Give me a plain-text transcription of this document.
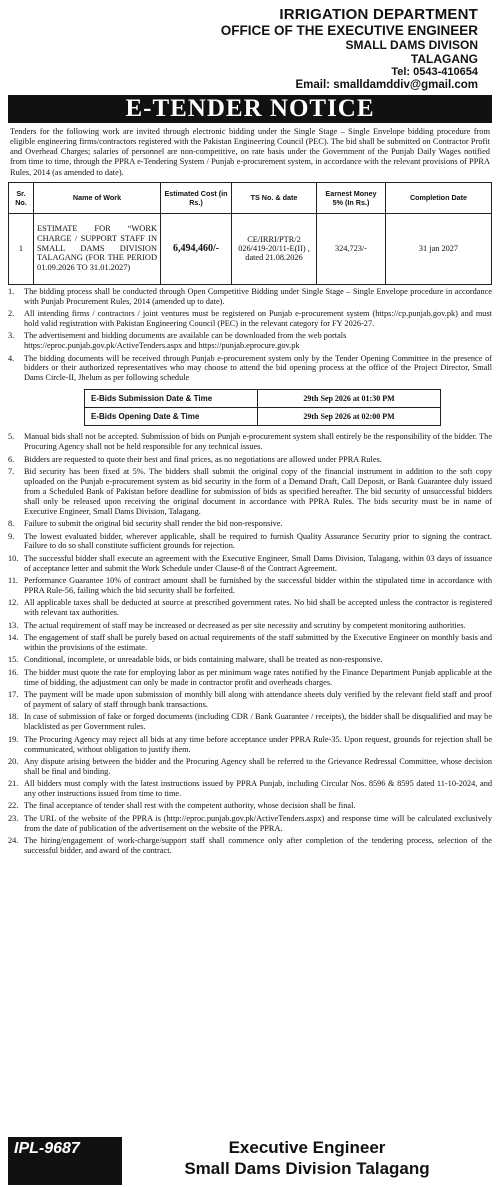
IRRIGATION DEPARTMENT
OFFICE OF THE EXECUTIVE ENGINEER
SMALL DAMS DIVISON
TALAGANG
Tel: 0543-410654
Email: smalldamddiv@gmail.com
E-TENDER NOTICE
Tenders for the following work are invited through electronic bidding under the Single Stage – Single Envelope bidding procedure from eligible engineering firms/contractors registered with the Pakistan Engineering Council (PEC). The bid shall be submitted on Contractor Profit and Overhead Charges; salaries of personnel are non-competitive, on rate basis under the Government of the Punjab Daily Wages notified from time to time, through the PPRA e-Tendering System / Punjab e-procurement system, in accordance with the relevant provisions of PPRA Rules, 2014 (as amended to date).
Sr. No.	Name of Work	Estimated Cost (in Rs.)	TS No. & date	Earnest Money 5% (In Rs.)	Completion Date
1	ESTIMATE FOR “WORK CHARGE / SUPPORT STAFF IN SMALL DAMS DIVISION TALAGANG (FOR THE PERIOD 01.09.2026 TO 31.01.2027)	6,494,460/-	CE/IRRI/PTR/2 026/419-20/11-E(II) , dated 21.08.2026	324,723/-	31 jan 2027
1.	The bidding process shall be conducted through Open Competitive Bidding under Single Stage – Single Envelope procedure in accordance with Punjab Procurement Rules, 2014 (amended up to date).
2.	All intending firms / contractors / joint ventures must be registered on Punjab e-procurement system (https://cp.punjab.gov.pk) and must hold valid registration with Pakistan Engineering Council (PEC) in the relevant category for FY 2026-27.
3.	The advertisement and bidding documents are available can be downloaded from the web portals
https://eproc.punjab.gov.pk/ActiveTenders.aspx and https://punjab.eprocure.gov.pk
4.	The bidding documents will be received through Punjab e-procurement system only by the Tender Opening Committee in the presence of bidders or their authorized representatives who may choose to attend the bid opening process at the office of the Project Director, Small Dams Circle-II, Jhelum as per following schedule
E-Bids Submission Date & Time	29th Sep 2026 at 01:30 PM
E-Bids Opening Date & Time	29th Sep 2026 at 02:00 PM
5.	Manual bids shall not be accepted. Submission of bids on Punjab e-procurement system shall entirely be the responsibility of the bidder. The Procuring Agency shall not be held responsible for any technical issues.
6.	Bidders are requested to quote their best and final prices, as no negotiations are allowed under PPRA Rules.
7.	Bid security has been fixed at 5%. The bidders shall submit the original copy of the financial instrument in addition to the soft copy uploaded on the Punjab e-procurement system as bid security in the form of a Demand Draft, Call Deposit, or Bank Guarantee duly issued from a Scheduled Bank of Pakistan before deadline for submission of bids as specified hereafter. The bid security of unsuccessful bidders shall only be released upon receiving the original document in accordance with PPRA Rules. The bids security must be in name of Executive Engineer, Small Dams Division, Talagang.
8.	Failure to submit the original bid security shall render the bid non-responsive.
9.	The lowest evaluated bidder, wherever applicable, shall be required to furnish Quality Assurance Security prior to signing the contract. Failure to do so shall constitute sufficient grounds for rejection.
10. The successful bidder shall execute an agreement with the Executive Engineer, Small Dams Division, Talagang, within 03 days of issuance of acceptance letter and submit the Work Schedule under Clause-8 of the Contract Agreement.
11. Performance Guarantee 10% of contract amount shall be furnished by the successful bidder within the stipulated time in accordance with PPRA Rule-56, failing which the bid security shall be forfeited.
12. All applicable taxes shall be deducted at source at prescribed government rates. No bid shall be accepted unless the contractor is registered with relevant tax authorities.
13. The actual requirement of staff may be increased or decreased as per site necessity and scrutiny by competent monitoring authorities.
14. The engagement of staff shall be purely based on actual requirements of the staff submitted by the Executive Engineer on monthly basis and within the provisions of the estimate.
15. Conditional, incomplete, or unreadable bids, or bids containing malware, shall be treated as non-responsive.
16. The bidder must quote the rate for employing labor as per minimum wage rates notified by the Finance Department Punjab applicable at the time of bidding, the adjustment can only be made in contractor profit and overheads charges.
17. The payment will be made upon submission of monthly bill along with attendance sheets duly verified by the relevant field staff and proof of payment of salary of staff through bank transactions.
18. In case of submission of fake or forged documents (including CDR / Bank Guarantee / receipts), the bidder shall be disqualified and may be blacklisted as per Government rules.
19. The Procuring Agency may reject all bids at any time before acceptance under PPRA Rule-35. Upon request, grounds for rejection shall be communicated, without obligation to justify them.
20. Any dispute arising between the bidder and the Procuring Agency shall be referred to the Grievance Redressal Committee, whose decision shall be final and binding.
21. All bidders must comply with the latest instructions issued by PPRA Punjab, including Circular Nos. 8596 & 8595 dated 11-10-2024, and any other instructions issued from time to time.
22. The final acceptance of tender shall rest with the competent authority, whose decision shall be final.
23. The URL of the website of the PPRA is (http://eproc.punjab.gov.pk/ActiveTenders.aspx) and response time will be calculated exclusively from the date of publication of the advertisement on the website of the PPRA.
24. The hiring/engagement of work-charge/support staff shall commence only after completion of the tendering process, selection of the successful bidder, and award of the contract.
IPL-9687	Executive Engineer
Small Dams Division Talagang
